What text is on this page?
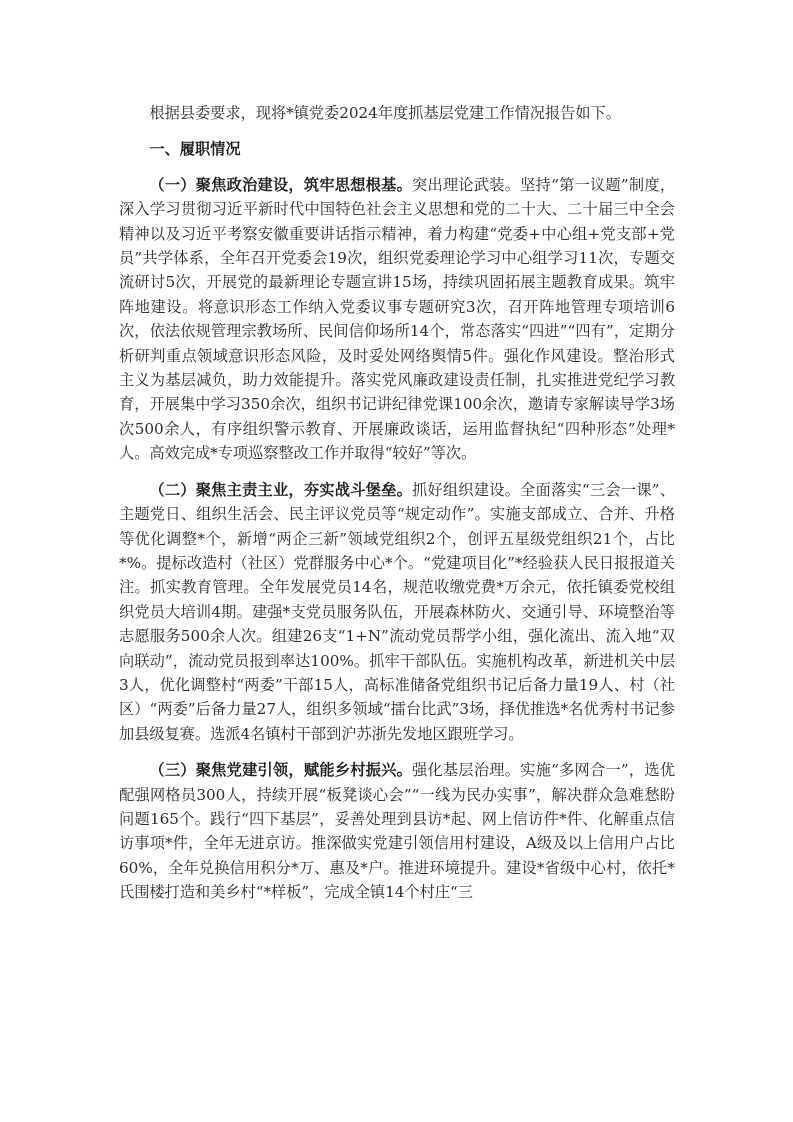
根据县委要求，现将*镇党委2024年度抓基层党建工作情况报告如下。

一、履职情况

（一）聚焦政治建设，筑牢思想根基。突出理论武装。坚持“第一议题”制度，深入学习贯彻习近平新时代中国特色社会主义思想和党的二十大、二十届三中全会精神以及习近平考察安徽重要讲话指示精神，着力构建“党委+中心组+党支部+党员”共学体系，全年召开党委会19次，组织党委理论学习中心组学习11次，专题交流研讨5次，开展党的最新理论专题宣讲15场，持续巩固拓展主题教育成果。筑牢阵地建设。将意识形态工作纳入党委议事专题研究3次，召开阵地管理专项培训6次，依法依规管理宗教场所、民间信仰场所14个，常态落实“四进”“四有”，定期分析研判重点领域意识形态风险，及时妥处网络舆情5件。强化作风建设。整治形式主义为基层减负，助力效能提升。落实党风廉政建设责任制，扎实推进党纪学习教育，开展集中学习350余次，组织书记讲纪律党课100余次，邀请专家解读导学3场次500余人，有序组织警示教育、开展廉政谈话，运用监督执纪“四种形态”处理*人。高效完成*专项巡察整改工作并取得“较好”等次。

（二）聚焦主责主业，夯实战斗堡垒。抓好组织建设。全面落实“三会一课”、主题党日、组织生活会、民主评议党员等“规定动作”。实施支部成立、合并、升格等优化调整*个，新增“两企三新”领域党组织2个，创评五星级党组织21个，占比*%。提标改造村（社区）党群服务中心*个。“党建项目化”*经验获人民日报报道关注。抓实教育管理。全年发展党员14名，规范收缴党费*万余元，依托镇委党校组织党员大培训4期。建强*支党员服务队伍，开展森林防火、交通引导、环境整治等志愿服务500余人次。组建26支“1+N”流动党员帮学小组，强化流出、流入地“双向联动”，流动党员报到率达100%。抓牢干部队伍。实施机构改革，新进机关中层3人，优化调整村“两委”干部15人，高标准储备党组织书记后备力量19人、村（社区）“两委”后备力量27人，组织多领域“擂台比武”3场，择优推选*名优秀村书记参加县级复赛。选派4名镇村干部到沪苏浙先发地区跟班学习。

（三）聚焦党建引领，赋能乡村振兴。强化基层治理。实施“多网合一”，选优配强网格员300人，持续开展“板凳谈心会”“一线为民办实事”，解决群众急难愁盼问题165个。践行“四下基层”，妥善处理到县访*起、网上信访件*件、化解重点信访事项*件，全年无进京访。推深做实党建引领信用村建设，A级及以上信用户占比60%，全年兑换信用积分*万、惠及*户。推进环境提升。建设*省级中心村，依托*氏围楼打造和美乡村“*样板”，完成全镇14个村庄“三
